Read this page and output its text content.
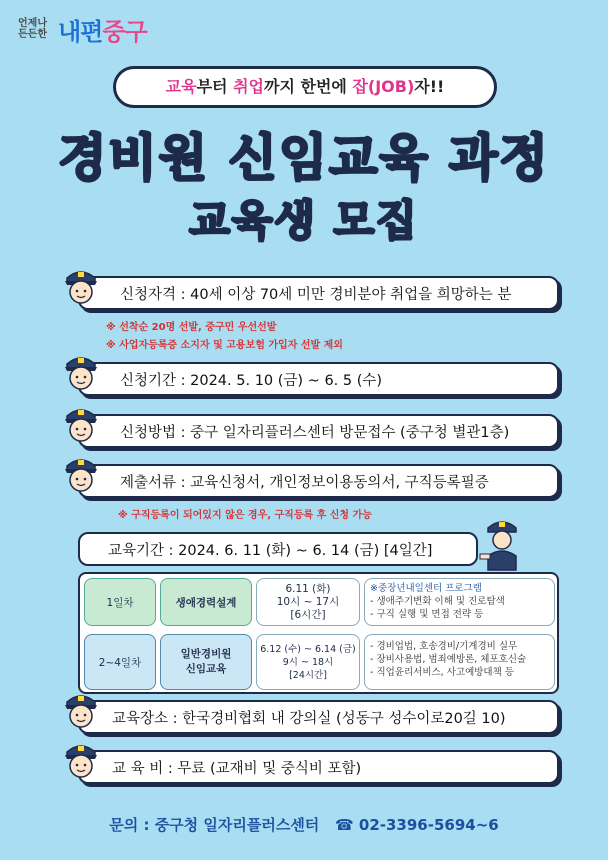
언제나
든든한 내편중구
교육부터 취업까지 한번에 잡(JOB)자!!
경비원 신임교육 과정
교육생 모집
신청자격 : 40세 이상 70세 미만 경비분야 취업을 희망하는 분
※ 선착순 20명 선발, 중구민 우선선발
※ 사업자등록증 소지자 및 고용보험 가입자 선발 제외
신청기간 : 2024. 5. 10 (금) ~ 6. 5 (수)
신청방법 : 중구 일자리플러스센터 방문접수 (중구청 별관1층)
제출서류 : 교육신청서, 개인정보이용동의서, 구직등록필증
※ 구직등록이 되어있지 않은 경우, 구직등록 후 신청 가능
교육기간 : 2024. 6. 11 (화) ~ 6. 14 (금) [4일간]
1일차	생애경력설계
6.11 (화)
10시 ~ 17시
[6시간]
※중장년내일센터 프로그램
- 생애주기변화 이해 및 진로탐색
- 구직 실행 및 면접 전략 등
2~4일차
일반경비원
신임교육
6.12 (수) ~ 6.14 (금)
9시 ~ 18시
[24시간]
- 경비업법, 호송경비/기계경비 실무
- 장비사용법, 범죄예방론, 체포호신술
- 직업윤리서비스, 사고예방대책 등
교육장소 : 한국경비협회 내 강의실 (성동구 성수이로20길 10)
교 육 비 : 무료 (교재비 및 중식비 포함)
문의 : 중구청 일자리플러스센터 ☎ 02-3396-5694~6
